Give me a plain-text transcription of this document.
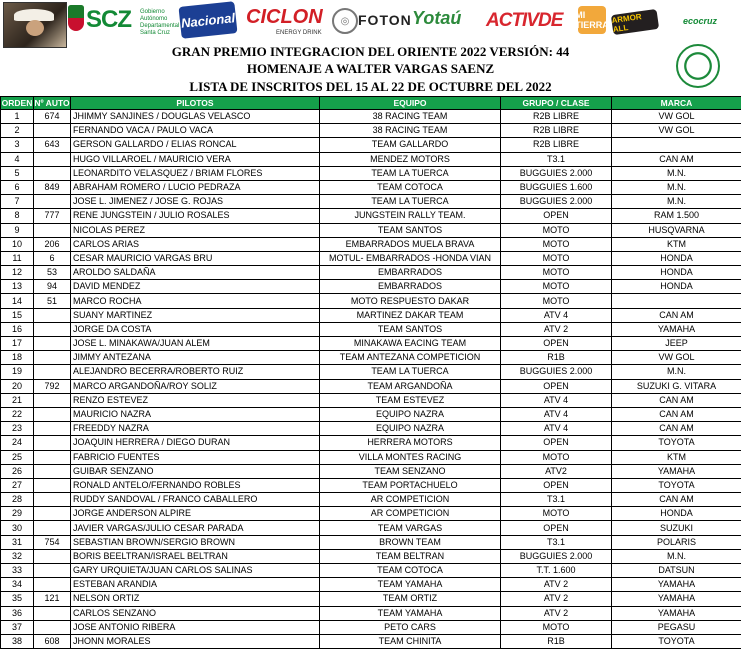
SCZ Gobierno Autónomo Departamental Santa Cruz
Nacional CICLON
ENERGY DRINK
◎ FOTON Yotaú ACTIVDE MI TIERRA ARMOR ALL
ecocruz
GRAN PREMIO INTEGRACION DEL ORIENTE 2022 VERSIÓN: 44
HOMENAJE A WALTER VARGAS SAENZ
LISTA DE INSCRITOS DEL 15 AL 22 DE OCTUBRE DEL 2022
ORDEN	Nº AUTO	PILOTOS	EQUIPO	GRUPO / CLASE	MARCA
1	674	JHIMMY SANJINES / DOUGLAS VELASCO	38 RACING TEAM	R2B LIBRE	VW GOL
2		FERNANDO VACA / PAULO VACA	38 RACING TEAM	R2B LIBRE	VW GOL
3	643	GERSON GALLARDO / ELIAS RONCAL	TEAM GALLARDO	R2B LIBRE	
4		HUGO VILLAROEL / MAURICIO VERA	MENDEZ MOTORS	T3.1	CAN AM
5		LEONARDITO VELASQUEZ / BRIAM FLORES	TEAM LA TUERCA	BUGGUIES 2.000	M.N.
6	849	ABRAHAM ROMERO / LUCIO PEDRAZA	TEAM COTOCA	BUGGUIES 1.600	M.N.
7		JOSE L. JIMENEZ / JOSE G. ROJAS	TEAM LA TUERCA	BUGGUIES 2.000	M.N.
8	777	RENE JUNGSTEIN / JULIO ROSALES	JUNGSTEIN RALLY TEAM.	OPEN	RAM 1.500
9		NICOLAS PEREZ	TEAM SANTOS	MOTO	HUSQVARNA
10	206	CARLOS ARIAS	EMBARRADOS MUELA BRAVA	MOTO	KTM
11	6	CESAR MAURICIO VARGAS BRU	MOTUL- EMBARRADOS -HONDA VIAN	MOTO	HONDA
12	53	AROLDO SALDAÑA	EMBARRADOS	MOTO	HONDA
13	94	DAVID MENDEZ	EMBARRADOS	MOTO	HONDA
14	51	MARCO ROCHA	MOTO RESPUESTO DAKAR	MOTO	
15		SUANY MARTINEZ	MARTINEZ DAKAR TEAM	ATV 4	CAN AM
16		JORGE DA COSTA	TEAM SANTOS	ATV 2	YAMAHA
17		JOSE L. MINAKAWA/JUAN ALEM	MINAKAWA EACING TEAM	OPEN	JEEP
18		JIMMY ANTEZANA	TEAM ANTEZANA COMPETICION	R1B	VW GOL
19		ALEJANDRO BECERRA/ROBERTO RUIZ	TEAM LA TUERCA	BUGGUIES 2.000	M.N.
20	792	MARCO ARGANDOÑA/ROY SOLIZ	TEAM ARGANDOÑA	OPEN	SUZUKI G. VITARA
21		RENZO ESTEVEZ	TEAM ESTEVEZ	ATV 4	CAN AM
22		MAURICIO NAZRA	EQUIPO NAZRA	ATV 4	CAN AM
23		FREEDDY NAZRA	EQUIPO NAZRA	ATV 4	CAN AM
24		JOAQUIN HERRERA / DIEGO DURAN	HERRERA MOTORS	OPEN	TOYOTA
25		FABRICIO FUENTES	VILLA MONTES RACING	MOTO	KTM
26		GUIBAR SENZANO	TEAM SENZANO	ATV2	YAMAHA
27		RONALD ANTELO/FERNANDO ROBLES	TEAM PORTACHUELO	OPEN	TOYOTA
28		RUDDY SANDOVAL / FRANCO CABALLERO	AR COMPETICION	T3.1	CAN AM
29		JORGE ANDERSON ALPIRE	AR COMPETICION	MOTO	HONDA
30		JAVIER VARGAS/JULIO CESAR PARADA	TEAM VARGAS	OPEN	SUZUKI
31	754	SEBASTIAN BROWN/SERGIO BROWN	BROWN TEAM	T3.1	POLARIS
32		BORIS BEELTRAN/ISRAEL BELTRAN	TEAM BELTRAN	BUGGUIES 2.000	M.N.
33		GARY URQUIETA/JUAN CARLOS SALINAS	TEAM COTOCA	T.T. 1.600	DATSUN
34		ESTEBAN ARANDIA	TEAM YAMAHA	ATV 2	YAMAHA
35	121	NELSON ORTIZ	TEAM ORTIZ	ATV 2	YAMAHA
36		CARLOS SENZANO	TEAM YAMAHA	ATV 2	YAMAHA
37		JOSE ANTONIO RIBERA	PETO CARS	MOTO	PEGASU
38	608	JHONN MORALES	TEAM CHINITA	R1B	TOYOTA
